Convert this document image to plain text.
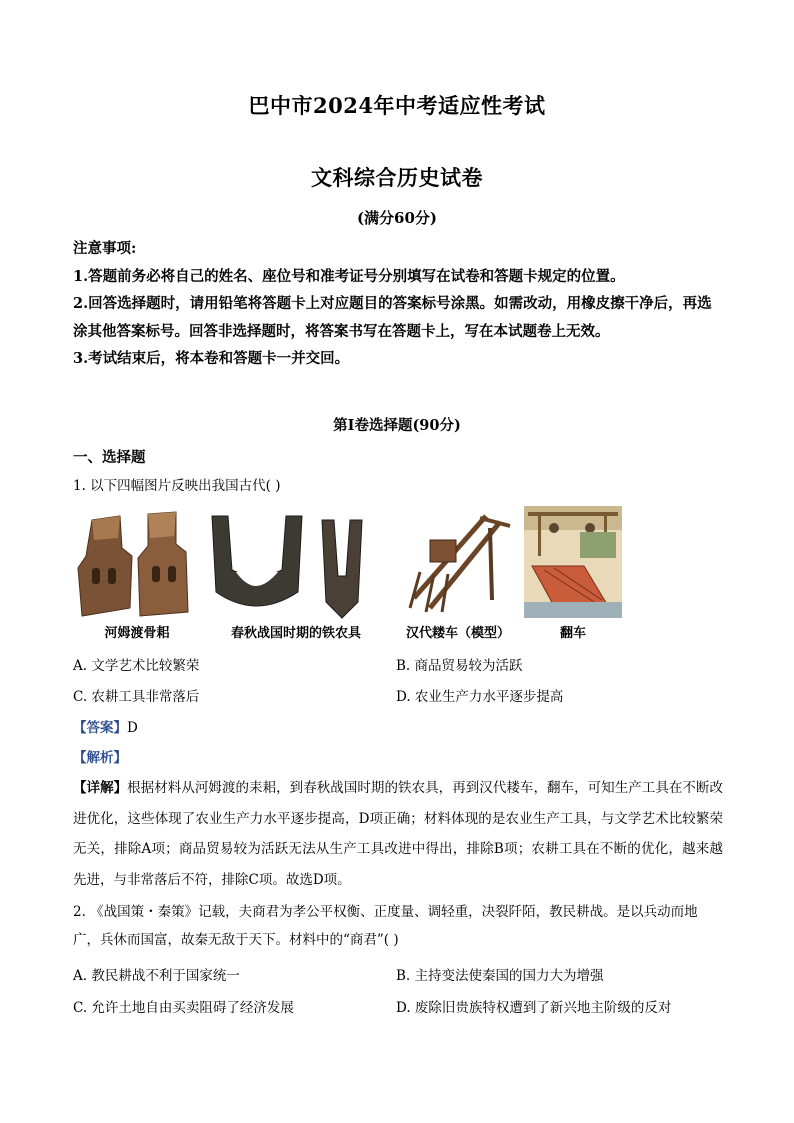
巴中市2024年中考适应性考试
文科综合历史试卷
(满分60分)

注意事项:

1.答题前务必将自己的姓名、座位号和准考证号分别填写在试卷和答题卡规定的位置。

2.回答选择题时，请用铅笔将答题卡上对应题目的答案标号涂黑。如需改动，用橡皮擦干净后，再选涂其他答案标号。回答非选择题时，将答案书写在答题卡上，写在本试题卷上无效。

3.考试结束后，将本卷和答题卡一并交回。

第Ⅰ卷选择题(90分)
一、选择题

1. 以下四幅图片反映出我国古代( )

河姆渡骨耜	春秋战国时期的铁农具	汉代耧车（模型）	翻车
A. 文学艺术比较繁荣	B. 商品贸易较为活跃
C. 农耕工具非常落后	D. 农业生产力水平逐步提高
【答案】D
【解析】
【详解】根据材料从河姆渡的耒耜，到春秋战国时期的铁农具，再到汉代耧车，翻车，可知生产工具在不断改进优化，这些体现了农业生产力水平逐步提高，D项正确；材料体现的是农业生产工具，与文学艺术比较繁荣无关，排除A项；商品贸易较为活跃无法从生产工具改进中得出，排除B项；农耕工具在不断的优化，越来越先进，与非常落后不符，排除C项。故选D项。

2. 《战国策・秦策》记载，夫商君为孝公平权衡、正度量、调轻重，决裂阡陌，教民耕战。是以兵动而地广，兵休而国富，故秦无敌于天下。材料中的“商君”( )

A. 教民耕战不利于国家统一	B. 主持变法使秦国的国力大为增强
C. 允许土地自由买卖阻碍了经济发展	D. 废除旧贵族特权遭到了新兴地主阶级的反对
